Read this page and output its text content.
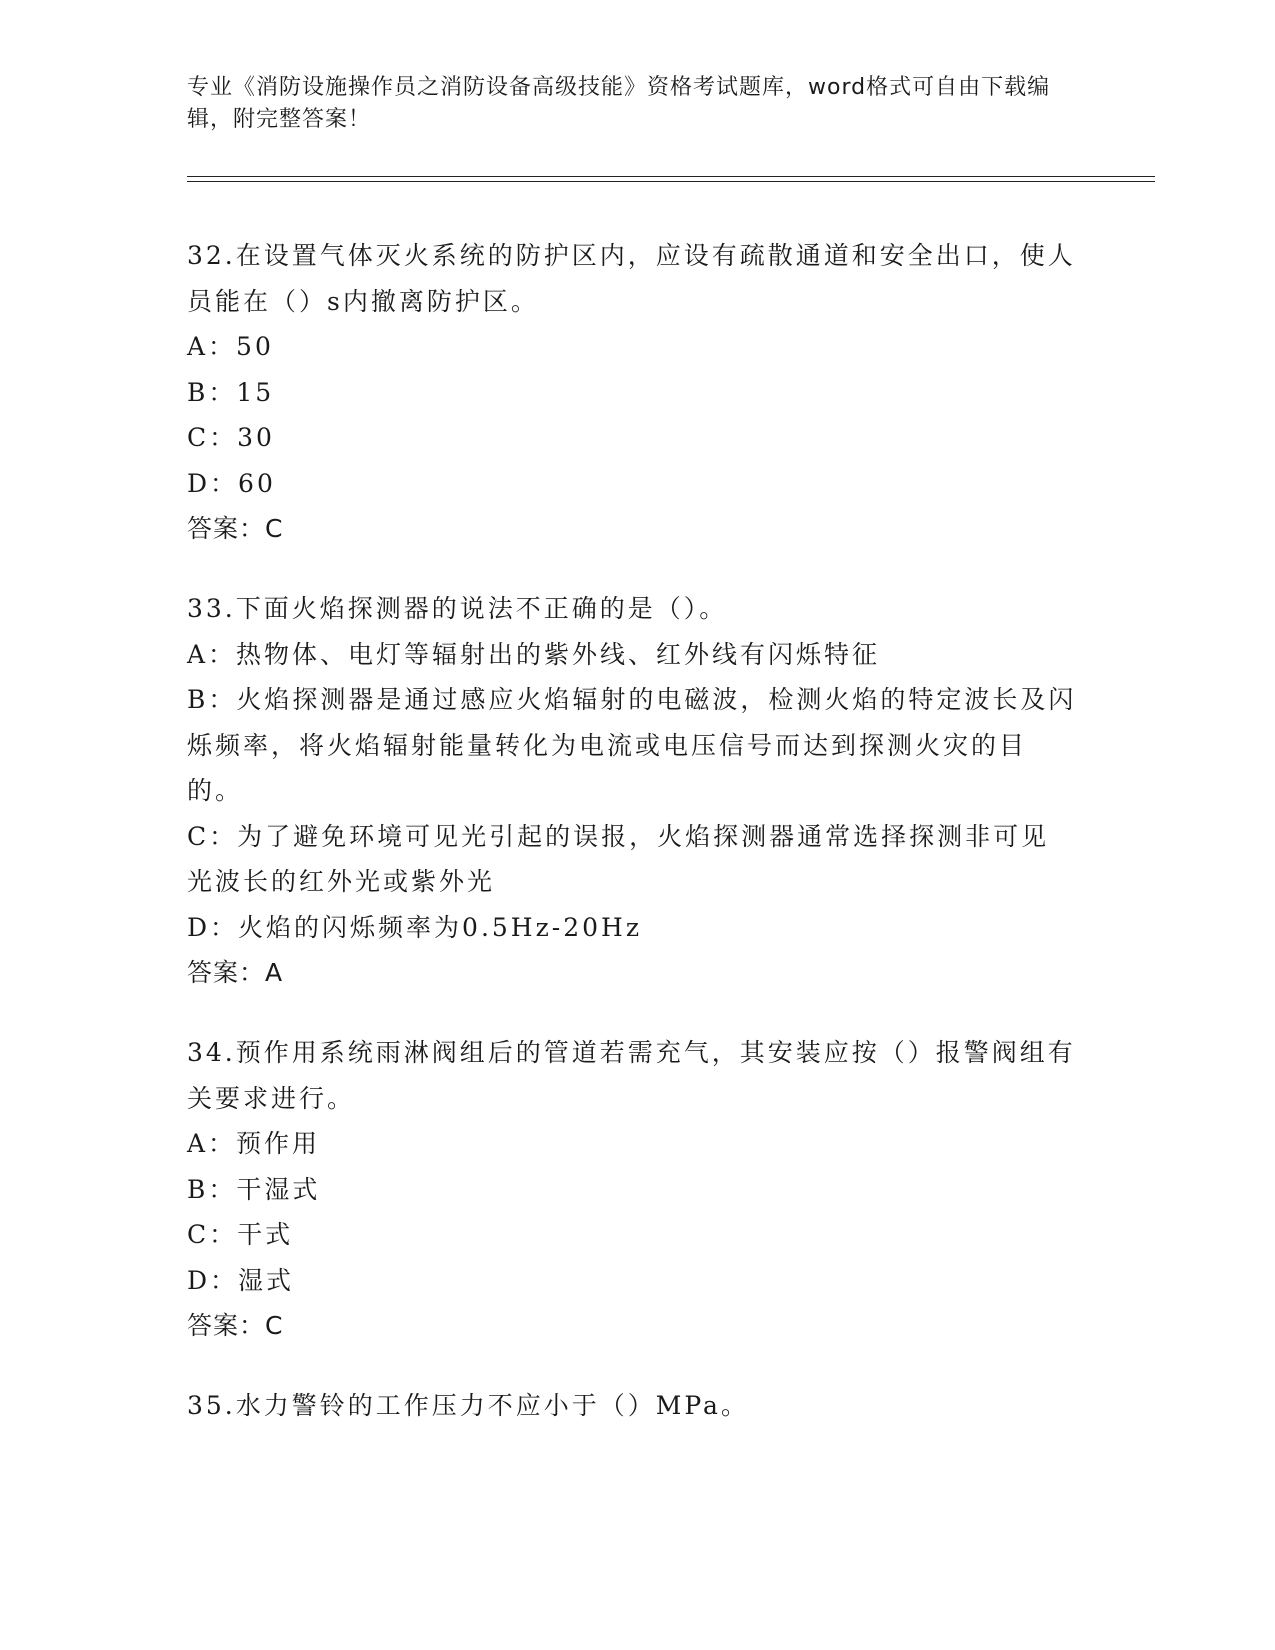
专业《消防设施操作员之消防设备高级技能》资格考试题库，word格式可自由下载编辑，附完整答案！
32.在设置气体灭火系统的防护区内，应设有疏散通道和安全出口，使人员能在（）s内撤离防护区。
A：50
B：15
C：30
D：60
答案：C
33.下面火焰探测器的说法不正确的是（）。
A：热物体、电灯等辐射出的紫外线、红外线有闪烁特征
B：火焰探测器是通过感应火焰辐射的电磁波，检测火焰的特定波长及闪烁频率，将火焰辐射能量转化为电流或电压信号而达到探测火灾的目的。
C：为了避免环境可见光引起的误报，火焰探测器通常选择探测非可见光波长的红外光或紫外光
D：火焰的闪烁频率为0.5Hz-20Hz
答案：A
34.预作用系统雨淋阀组后的管道若需充气，其安装应按（）报警阀组有关要求进行。
A：预作用
B：干湿式
C：干式
D：湿式
答案：C
35.水力警铃的工作压力不应小于（）MPa。
